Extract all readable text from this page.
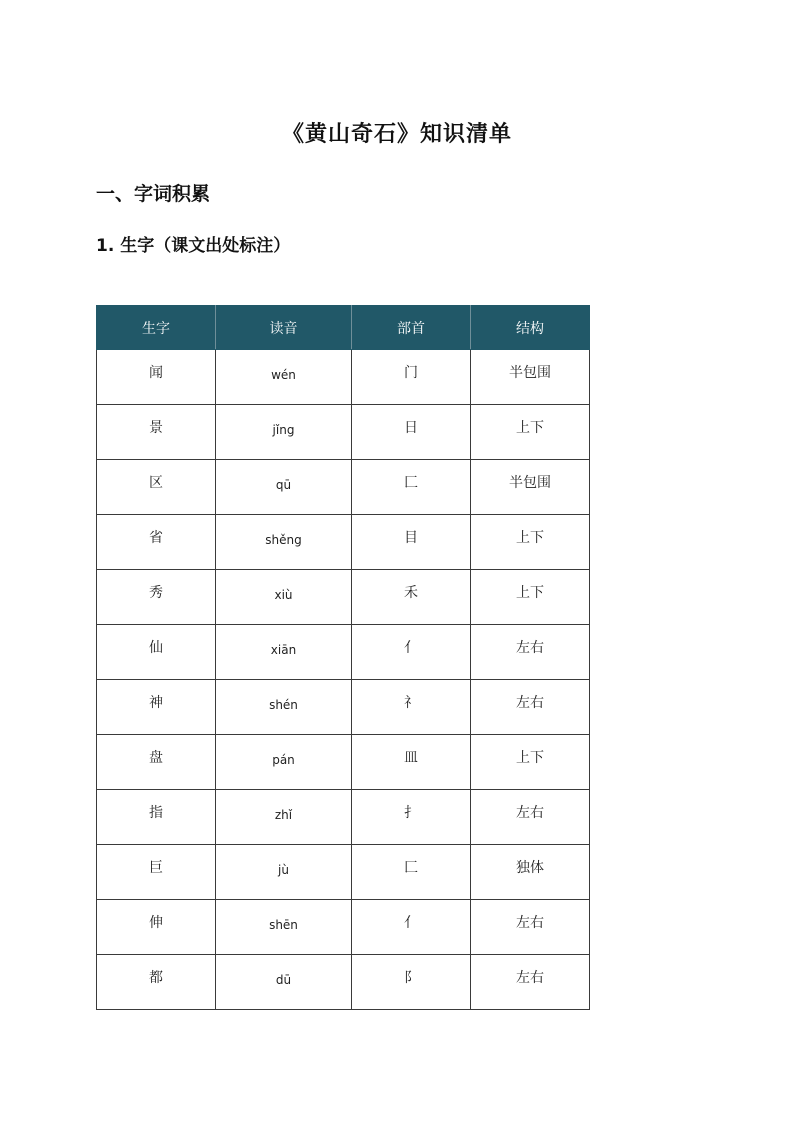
《黄山奇石》知识清单
一、字词积累
1. 生字（课文出处标注）
生字	读音	部首	结构

闻	wén	门	半包围

景	jǐng	日	上下

区	qū	匚	半包围

省	shěng	目	上下

秀	xiù	禾	上下

仙	xiān	亻	左右

神	shén	礻	左右

盘	pán	皿	上下

指	zhǐ	扌	左右

巨	jù	匚	独体

伸	shēn	亻	左右

都	dū	阝	左右
